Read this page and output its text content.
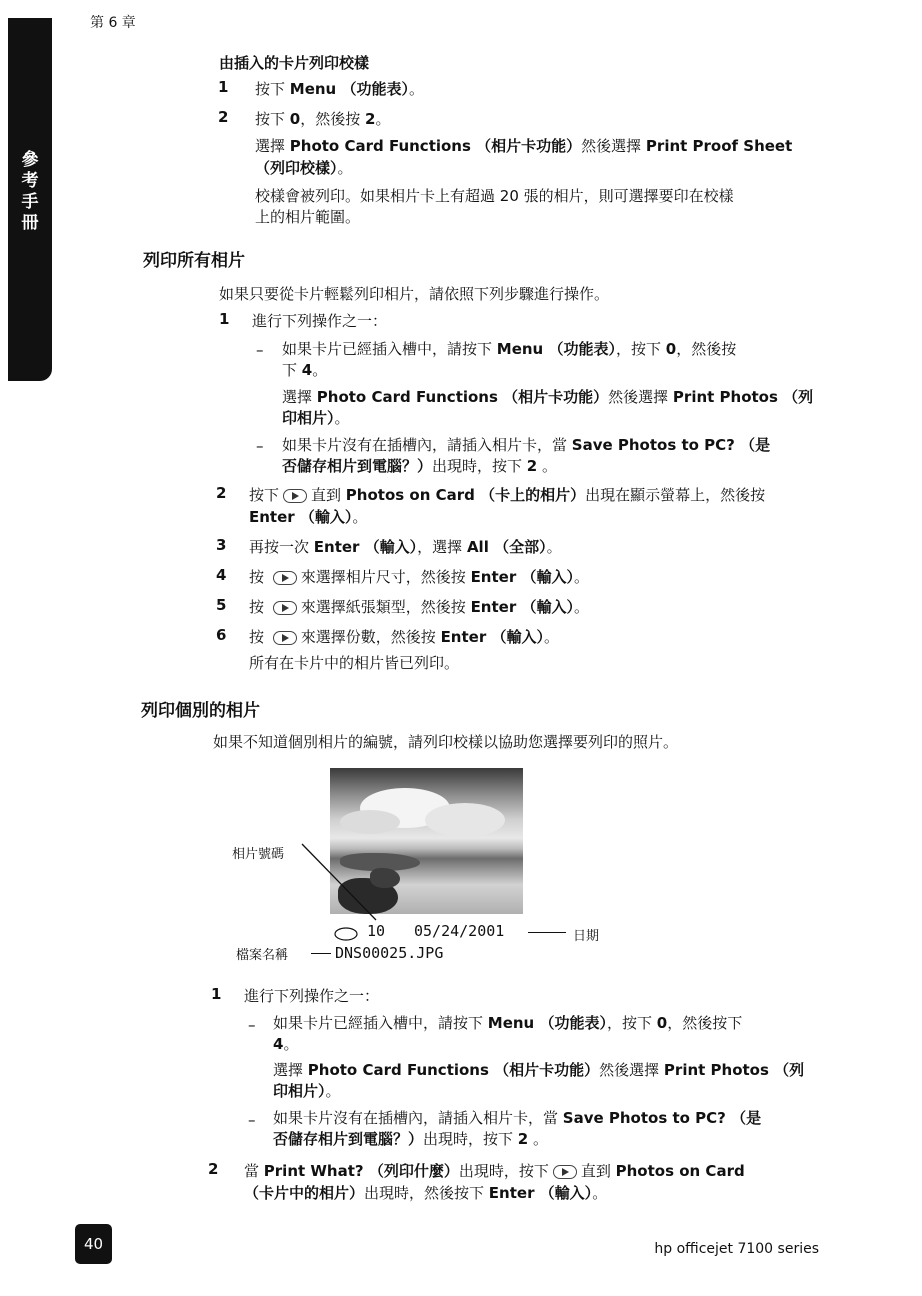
第 6 章
參考手冊
由插入的卡片列印校樣
1 按下 Menu （功能表）。
2 按下 0，然後按 2。
選擇 Photo Card Functions （相片卡功能）然後選擇 Print Proof Sheet
（列印校樣）。
校樣會被列印。如果相片卡上有超過 20 張的相片，則可選擇要印在校樣
上的相片範圍。
列印所有相片
如果只要從卡片輕鬆列印相片，請依照下列步驟進行操作。
1 進行下列操作之一：
– 如果卡片已經插入槽中，請按下 Menu （功能表），按下 0，然後按
下 4。
選擇 Photo Card Functions （相片卡功能）然後選擇 Print Photos （列
印相片）。
– 如果卡片沒有在插槽內，請插入相片卡，當 Save Photos to PC? （是
否儲存相片到電腦？）出現時，按下 2 。
2 按下 直到 Photos on Card （卡上的相片）出現在顯示螢幕上，然後按
Enter （輸入）。
3 再按一次 Enter （輸入），選擇 All （全部）。
4 按 來選擇相片尺寸，然後按 Enter （輸入）。
5 按 來選擇紙張類型，然後按 Enter （輸入）。
6 按 來選擇份數，然後按 Enter （輸入）。
所有在卡片中的相片皆已列印。
列印個別的相片
如果不知道個別相片的編號，請列印校樣以協助您選擇要列印的照片。
相片號碼
10 05/24/2001	日期
檔案名稱	DNS00025.JPG
1 進行下列操作之一：
– 如果卡片已經插入槽中，請按下 Menu （功能表），按下 0，然後按下
4。
選擇 Photo Card Functions （相片卡功能）然後選擇 Print Photos （列
印相片）。
– 如果卡片沒有在插槽內，請插入相片卡，當 Save Photos to PC? （是
否儲存相片到電腦？）出現時，按下 2 。
2 當 Print What? （列印什麼）出現時，按下 直到 Photos on Card
（卡片中的相片）出現時，然後按下 Enter （輸入）。
40	hp officejet 7100 series
